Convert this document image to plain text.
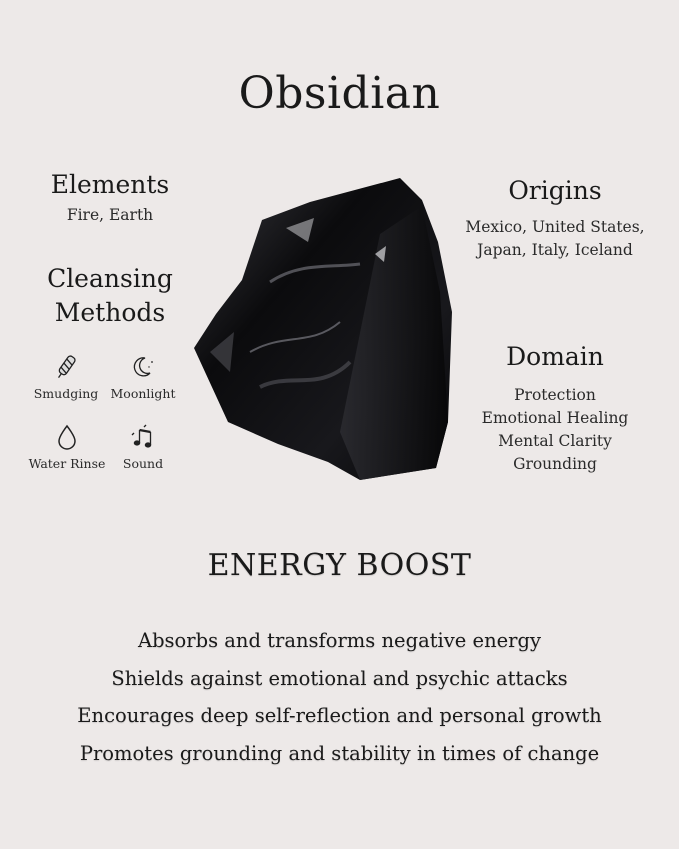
Obsidian
Elements
Fire, Earth
Cleansing
Methods
Smudging Moonlight
Water Rinse	Sound
Origins
Mexico, United States,
Japan, Italy, Iceland
Domain
Protection
Emotional Healing
Mental Clarity
Grounding
ENERGY BOOST
Absorbs and transforms negative energy
Shields against emotional and psychic attacks
Encourages deep self-reflection and personal growth
Promotes grounding and stability in times of change
